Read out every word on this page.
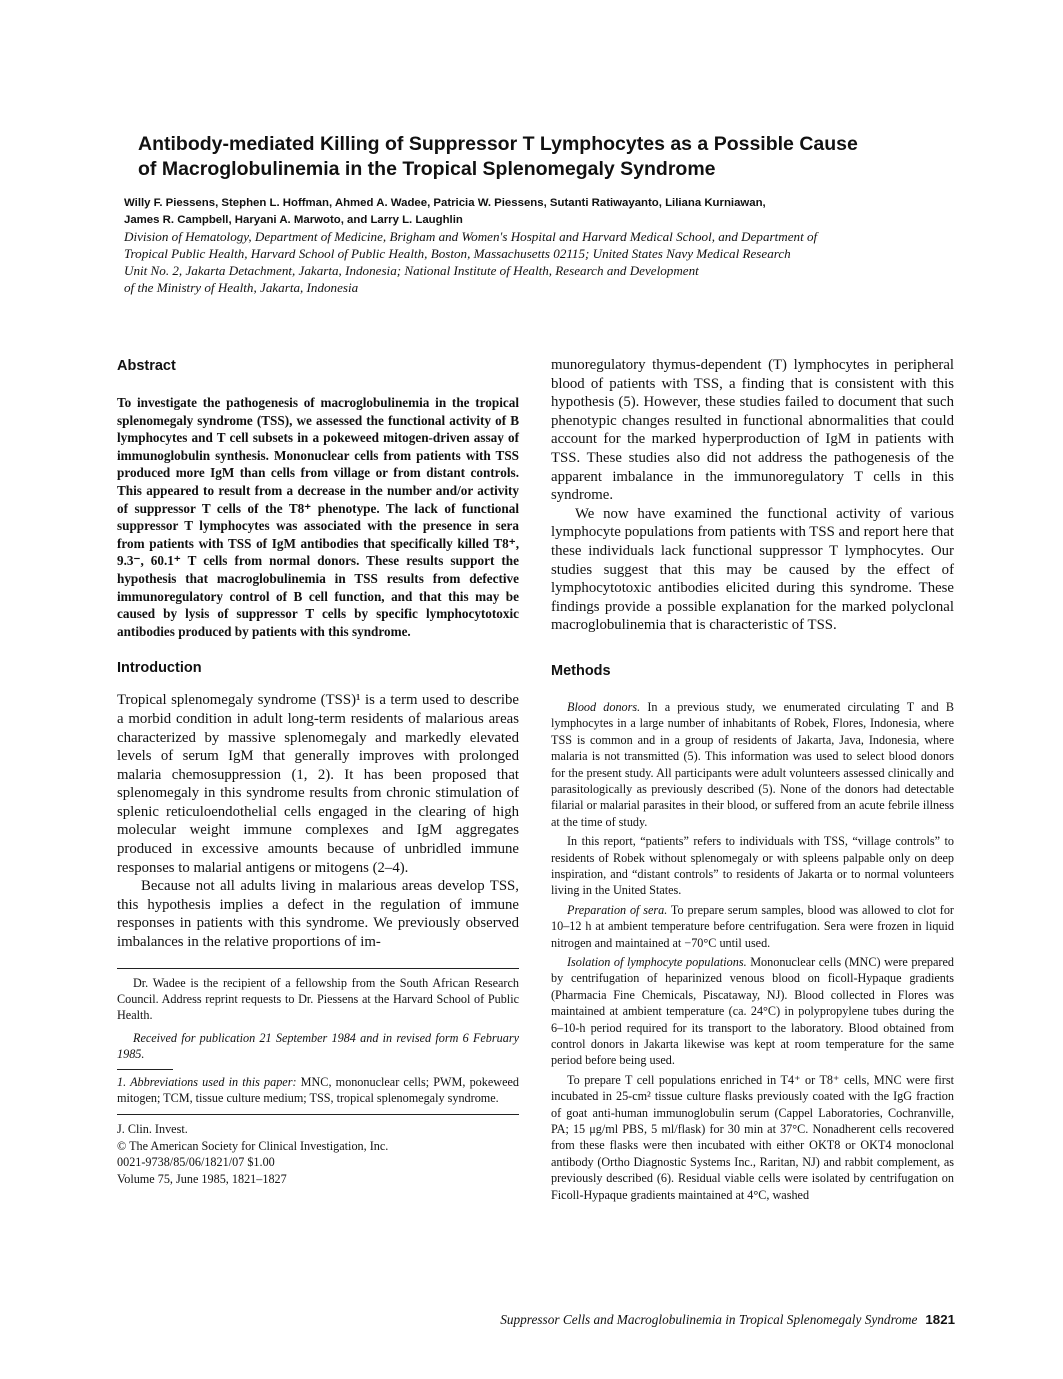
Antibody-mediated Killing of Suppressor T Lymphocytes as a Possible Cause
of Macroglobulinemia in the Tropical Splenomegaly Syndrome
Willy F. Piessens, Stephen L. Hoffman, Ahmed A. Wadee, Patricia W. Piessens, Sutanti Ratiwayanto, Liliana Kurniawan,
James R. Campbell, Haryani A. Marwoto, and Larry L. Laughlin
Division of Hematology, Department of Medicine, Brigham and Women's Hospital and Harvard Medical School, and Department of
Tropical Public Health, Harvard School of Public Health, Boston, Massachusetts 02115; United States Navy Medical Research
Unit No. 2, Jakarta Detachment, Jakarta, Indonesia; National Institute of Health, Research and Development
of the Ministry of Health, Jakarta, Indonesia
Abstract

To investigate the pathogenesis of macroglobulinemia in the tropical splenomegaly syndrome (TSS), we assessed the functional activity of B lymphocytes and T cell subsets in a pokeweed mitogen-driven assay of immunoglobulin synthesis. Mononuclear cells from patients with TSS produced more IgM than cells from village or from distant controls. This appeared to result from a decrease in the number and/or activity of suppressor T cells of the T8⁺ phenotype. The lack of functional suppressor T lymphocytes was associated with the presence in sera from patients with TSS of IgM antibodies that specifically killed T8⁺, 9.3⁻, 60.1⁺ T cells from normal donors. These results support the hypothesis that macroglobulinemia in TSS results from defective immunoregulatory control of B cell function, and that this may be caused by lysis of suppressor T cells by specific lymphocytotoxic antibodies produced by patients with this syndrome.

Introduction

Tropical splenomegaly syndrome (TSS)¹ is a term used to describe a morbid condition in adult long-term residents of malarious areas characterized by massive splenomegaly and markedly elevated levels of serum IgM that generally improves with prolonged malaria chemosuppression (1, 2). It has been proposed that splenomegaly in this syndrome results from chronic stimulation of splenic reticuloendothelial cells engaged in the clearing of high molecular weight immune complexes and IgM aggregates produced in excessive amounts because of unbridled immune responses to malarial antigens or mitogens (2–4).

Because not all adults living in malarious areas develop TSS, this hypothesis implies a defect in the regulation of immune responses in patients with this syndrome. We previously observed imbalances in the relative proportions of im-

Dr. Wadee is the recipient of a fellowship from the South African Research Council. Address reprint requests to Dr. Piessens at the Harvard School of Public Health.

Received for publication 21 September 1984 and in revised form 6 February 1985.

1. Abbreviations used in this paper: MNC, mononuclear cells; PWM, pokeweed mitogen; TCM, tissue culture medium; TSS, tropical splenomegaly syndrome.

J. Clin. Invest.
© The American Society for Clinical Investigation, Inc.
0021-9738/85/06/1821/07 $1.00
Volume 75, June 1985, 1821–1827

munoregulatory thymus-dependent (T) lymphocytes in peripheral blood of patients with TSS, a finding that is consistent with this hypothesis (5). However, these studies failed to document that such phenotypic changes resulted in functional abnormalities that could account for the marked hyperproduction of IgM in patients with TSS. These studies also did not address the pathogenesis of the apparent imbalance in the immunoregulatory T cells in this syndrome.

We now have examined the functional activity of various lymphocyte populations from patients with TSS and report here that these individuals lack functional suppressor T lymphocytes. Our studies suggest that this may be caused by the effect of lymphocytotoxic antibodies elicited during this syndrome. These findings provide a possible explanation for the marked polyclonal macroglobulinemia that is characteristic of TSS.

Methods

Blood donors. In a previous study, we enumerated circulating T and B lymphocytes in a large number of inhabitants of Robek, Flores, Indonesia, where TSS is common and in a group of residents of Jakarta, Java, Indonesia, where malaria is not transmitted (5). This information was used to select blood donors for the present study. All participants were adult volunteers assessed clinically and parasitologically as previously described (5). None of the donors had detectable filarial or malarial parasites in their blood, or suffered from an acute febrile illness at the time of study.

In this report, “patients” refers to individuals with TSS, “village controls” to residents of Robek without splenomegaly or with spleens palpable only on deep inspiration, and “distant controls” to residents of Jakarta or to normal volunteers living in the United States.

Preparation of sera. To prepare serum samples, blood was allowed to clot for 10–12 h at ambient temperature before centrifugation. Sera were frozen in liquid nitrogen and maintained at −70°C until used.

Isolation of lymphocyte populations. Mononuclear cells (MNC) were prepared by centrifugation of heparinized venous blood on ficoll-Hypaque gradients (Pharmacia Fine Chemicals, Piscataway, NJ). Blood collected in Flores was maintained at ambient temperature (ca. 24°C) in polypropylene tubes during the 6–10-h period required for its transport to the laboratory. Blood obtained from control donors in Jakarta likewise was kept at room temperature for the same period before being used.

To prepare T cell populations enriched in T4⁺ or T8⁺ cells, MNC were first incubated in 25-cm² tissue culture flasks previously coated with the IgG fraction of goat anti-human immunoglobulin serum (Cappel Laboratories, Cochranville, PA; 15 μg/ml PBS, 5 ml/flask) for 30 min at 37°C. Nonadherent cells recovered from these flasks were then incubated with either OKT8 or OKT4 monoclonal antibody (Ortho Diagnostic Systems Inc., Raritan, NJ) and rabbit complement, as previously described (6). Residual viable cells were isolated by centrifugation on Ficoll-Hypaque gradients maintained at 4°C, washed

Suppressor Cells and Macroglobulinemia in Tropical Splenomegaly Syndrome 1821
